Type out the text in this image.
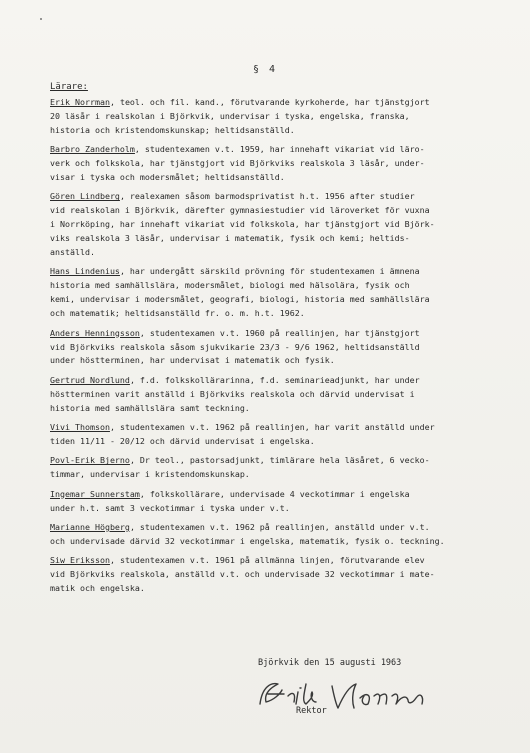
§ 4
Lärare:
Erik Norrman, teol. och fil. kand., förutvarande kyrkoherde, har tjänstgjort
20 läsår i realskolan i Björkvik, undervisar i tyska, engelska, franska,
historia och kristendomskunskap; heltidsanställd.
Barbro Zanderholm, studentexamen v.t. 1959, har innehaft vikariat vid läro-
verk och folkskola, har tjänstgjort vid Björkviks realskola 3 läsår, under-
visar i tyska och modersmålet; heltidsanställd.
Gören Lindberg, realexamen såsom barmodsprivatist h.t. 1956 after studier
vid realskolan i Björkvik, därefter gymnasiestudier vid läroverket för vuxna
i Norrköping, har innehaft vikariat vid folkskola, har tjänstgjort vid Björk-
viks realskola 3 läsår, undervisar i matematik, fysik och kemi; heltids-
anställd.
Hans Lindenius, har undergått särskild prövning för studentexamen i ämnena
historia med samhällslära, modersmålet, biologi med hälsolära, fysik och
kemi, undervisar i modersmålet, geografi, biologi, historia med samhällslära
och matematik; heltidsanställd fr. o. m. h.t. 1962.
Anders Henningsson, studentexamen v.t. 1960 på reallinjen, har tjänstgjort
vid Björkviks realskola såsom sjukvikarie 23/3 - 9/6 1962, heltidsanställd
under höstterminen, har undervisat i matematik och fysik.
Gertrud Nordlund, f.d. folkskollärarinna, f.d. seminarieadjunkt, har under
höstterminen varit anställd i Björkviks realskola och därvid undervisat i
historia med samhällslära samt teckning.
Vivi Thomson, studentexamen v.t. 1962 på reallinjen, har varit anställd under
tiden 11/11 - 20/12 och därvid undervisat i engelska.
Povl-Erik Bjerno, Dr teol., pastorsadjunkt, timlärare hela läsåret, 6 vecko-
timmar, undervisar i kristendomskunskap.
Ingemar Sunnerstam, folkskollärare, undervisade 4 veckotimmar i engelska
under h.t. samt 3 veckotimmar i tyska under v.t.
Marianne Högberg, studentexamen v.t. 1962 på reallinjen, anställd under v.t.
och undervisade därvid 32 veckotimmar i engelska, matematik, fysik o. teckning.
Siw Eriksson, studentexamen v.t. 1961 på allmänna linjen, förutvarande elev
vid Björkviks realskola, anställd v.t. och undervisade 32 veckotimmar i mate-
matik och engelska.
Björkvik den 15 augusti 1963
Rektor
